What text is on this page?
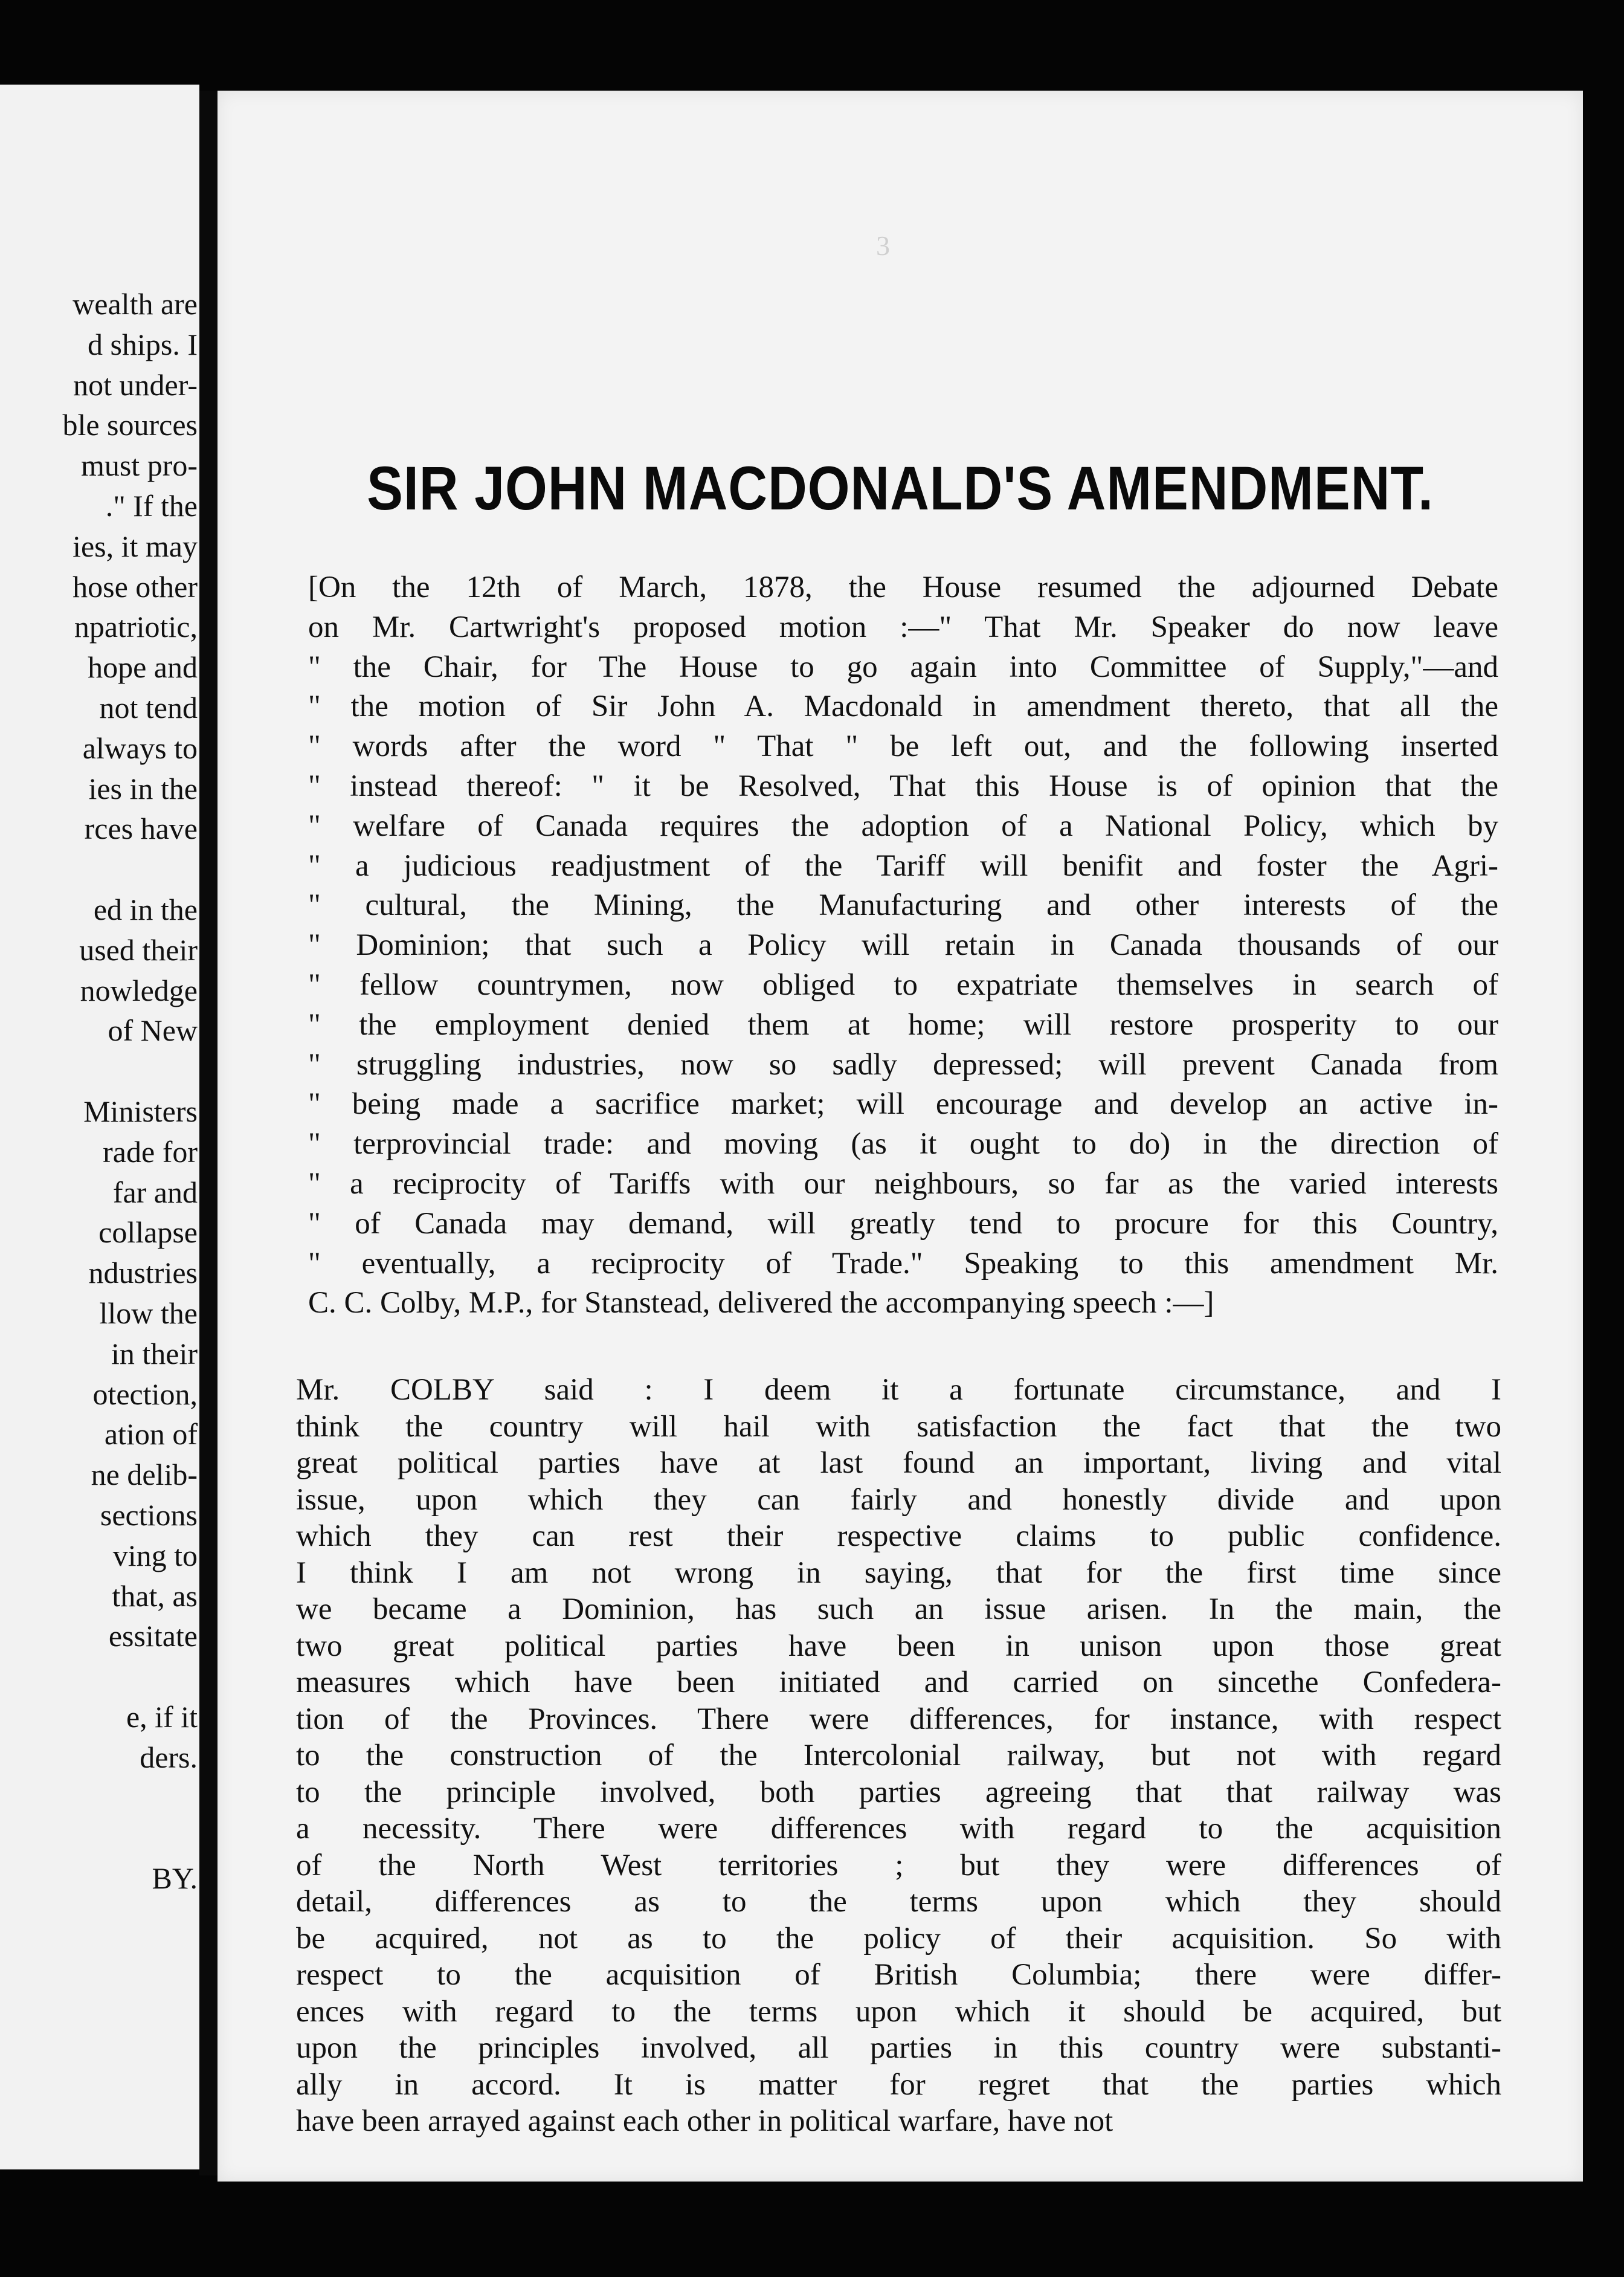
wealth are
d ships. I
not under-
ble sources
must pro-
." If the
ies, it may
hose other
npatriotic,
hope and
not tend
always to
ies in the
rces have
ed in the
used their
nowledge
of New
Ministers
rade for
far and
collapse
ndustries
llow the
in their
otection,
ation of
ne delib-
sections
ving to
that, as
essitate
e, if it
ders.
BY.
3
SIR JOHN MACDONALD'S AMENDMENT.
[On the 12th of March, 1878, the House resumed the adjourned Debate
on Mr. Cartwright's proposed motion :—" That Mr. Speaker do now leave
" the Chair, for The House to go again into Committee of Supply,"—and
" the motion of Sir John A. Macdonald in amendment thereto, that all the
" words after the word " That " be left out, and the following inserted
" instead thereof: " it be Resolved, That this House is of opinion that the
" welfare of Canada requires the adoption of a National Policy, which by
" a judicious readjustment of the Tariff will benifit and foster the Agri-
" cultural, the Mining, the Manufacturing and other interests of the
" Dominion; that such a Policy will retain in Canada thousands of our
" fellow countrymen, now obliged to expatriate themselves in search of
" the employment denied them at home; will restore prosperity to our
" struggling industries, now so sadly depressed; will prevent Canada from
" being made a sacrifice market; will encourage and develop an active in-
" terprovincial trade: and moving (as it ought to do) in the direction of
" a reciprocity of Tariffs with our neighbours, so far as the varied interests
" of Canada may demand, will greatly tend to procure for this Country,
" eventually, a reciprocity of Trade." Speaking to this amendment Mr.
C. C. Colby, M.P., for Stanstead, delivered the accompanying speech :—]
Mr. COLBY said : I deem it a fortunate circumstance, and I
think the country will hail with satisfaction the fact that the two
great political parties have at last found an important, living and vital
issue, upon which they can fairly and honestly divide and upon
which they can rest their respective claims to public confidence.
I think I am not wrong in saying, that for the first time since
we became a Dominion, has such an issue arisen. In the main, the
two great political parties have been in unison upon those great
measures which have been initiated and carried on sincethe Confedera-
tion of the Provinces. There were differences, for instance, with respect
to the construction of the Intercolonial railway, but not with regard
to the principle involved, both parties agreeing that that railway was
a necessity. There were differences with regard to the acquisition
of the North West territories ; but they were differences of
detail, differences as to the terms upon which they should
be acquired, not as to the policy of their acquisition. So with
respect to the acquisition of British Columbia; there were differ-
ences with regard to the terms upon which it should be acquired, but
upon the principles involved, all parties in this country were substanti-
ally in accord. It is matter for regret that the parties which
have been arrayed against each other in political warfare, have not
